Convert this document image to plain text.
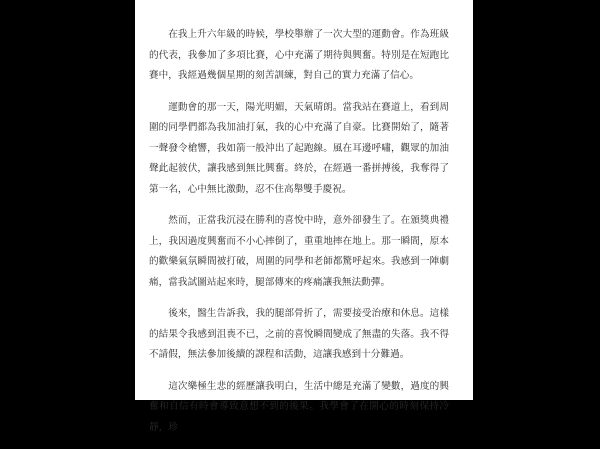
在我上升六年級的時候，學校舉辦了一次大型的運動會。作為班級的代表，我參加了多項比賽，心中充滿了期待與興奮。特別是在短跑比賽中，我經過幾個星期的刻苦訓練，對自己的實力充滿了信心。

運動會的那一天，陽光明媚，天氣晴朗。當我站在賽道上，看到周圍的同學們都為我加油打氣，我的心中充滿了自豪。比賽開始了，隨著一聲發令槍響，我如箭一般沖出了起跑線。風在耳邊呼嘯，觀眾的加油聲此起彼伏，讓我感到無比興奮。終於，在經過一番拼搏後，我奪得了第一名，心中無比激動，忍不住高舉雙手慶祝。

然而，正當我沉浸在勝利的喜悅中時，意外卻發生了。在頒獎典禮上，我因過度興奮而不小心摔倒了，重重地摔在地上。那一瞬間，原本的歡樂氣氛瞬間被打破，周圍的同學和老師都驚呼起來。我感到一陣劇痛，當我試圖站起來時，腿部傳來的疼痛讓我無法動彈。

後來，醫生告訴我，我的腿部骨折了，需要接受治療和休息。這樣的結果令我感到沮喪不已，之前的喜悅瞬間變成了無盡的失落。我不得不請假，無法參加後續的課程和活動，這讓我感到十分難過。

這次樂極生悲的經歷讓我明白，生活中總是充滿了變數，過度的興奮和自信有時會導致意想不到的後果。我學會了在開心的時刻保持冷靜，珍
